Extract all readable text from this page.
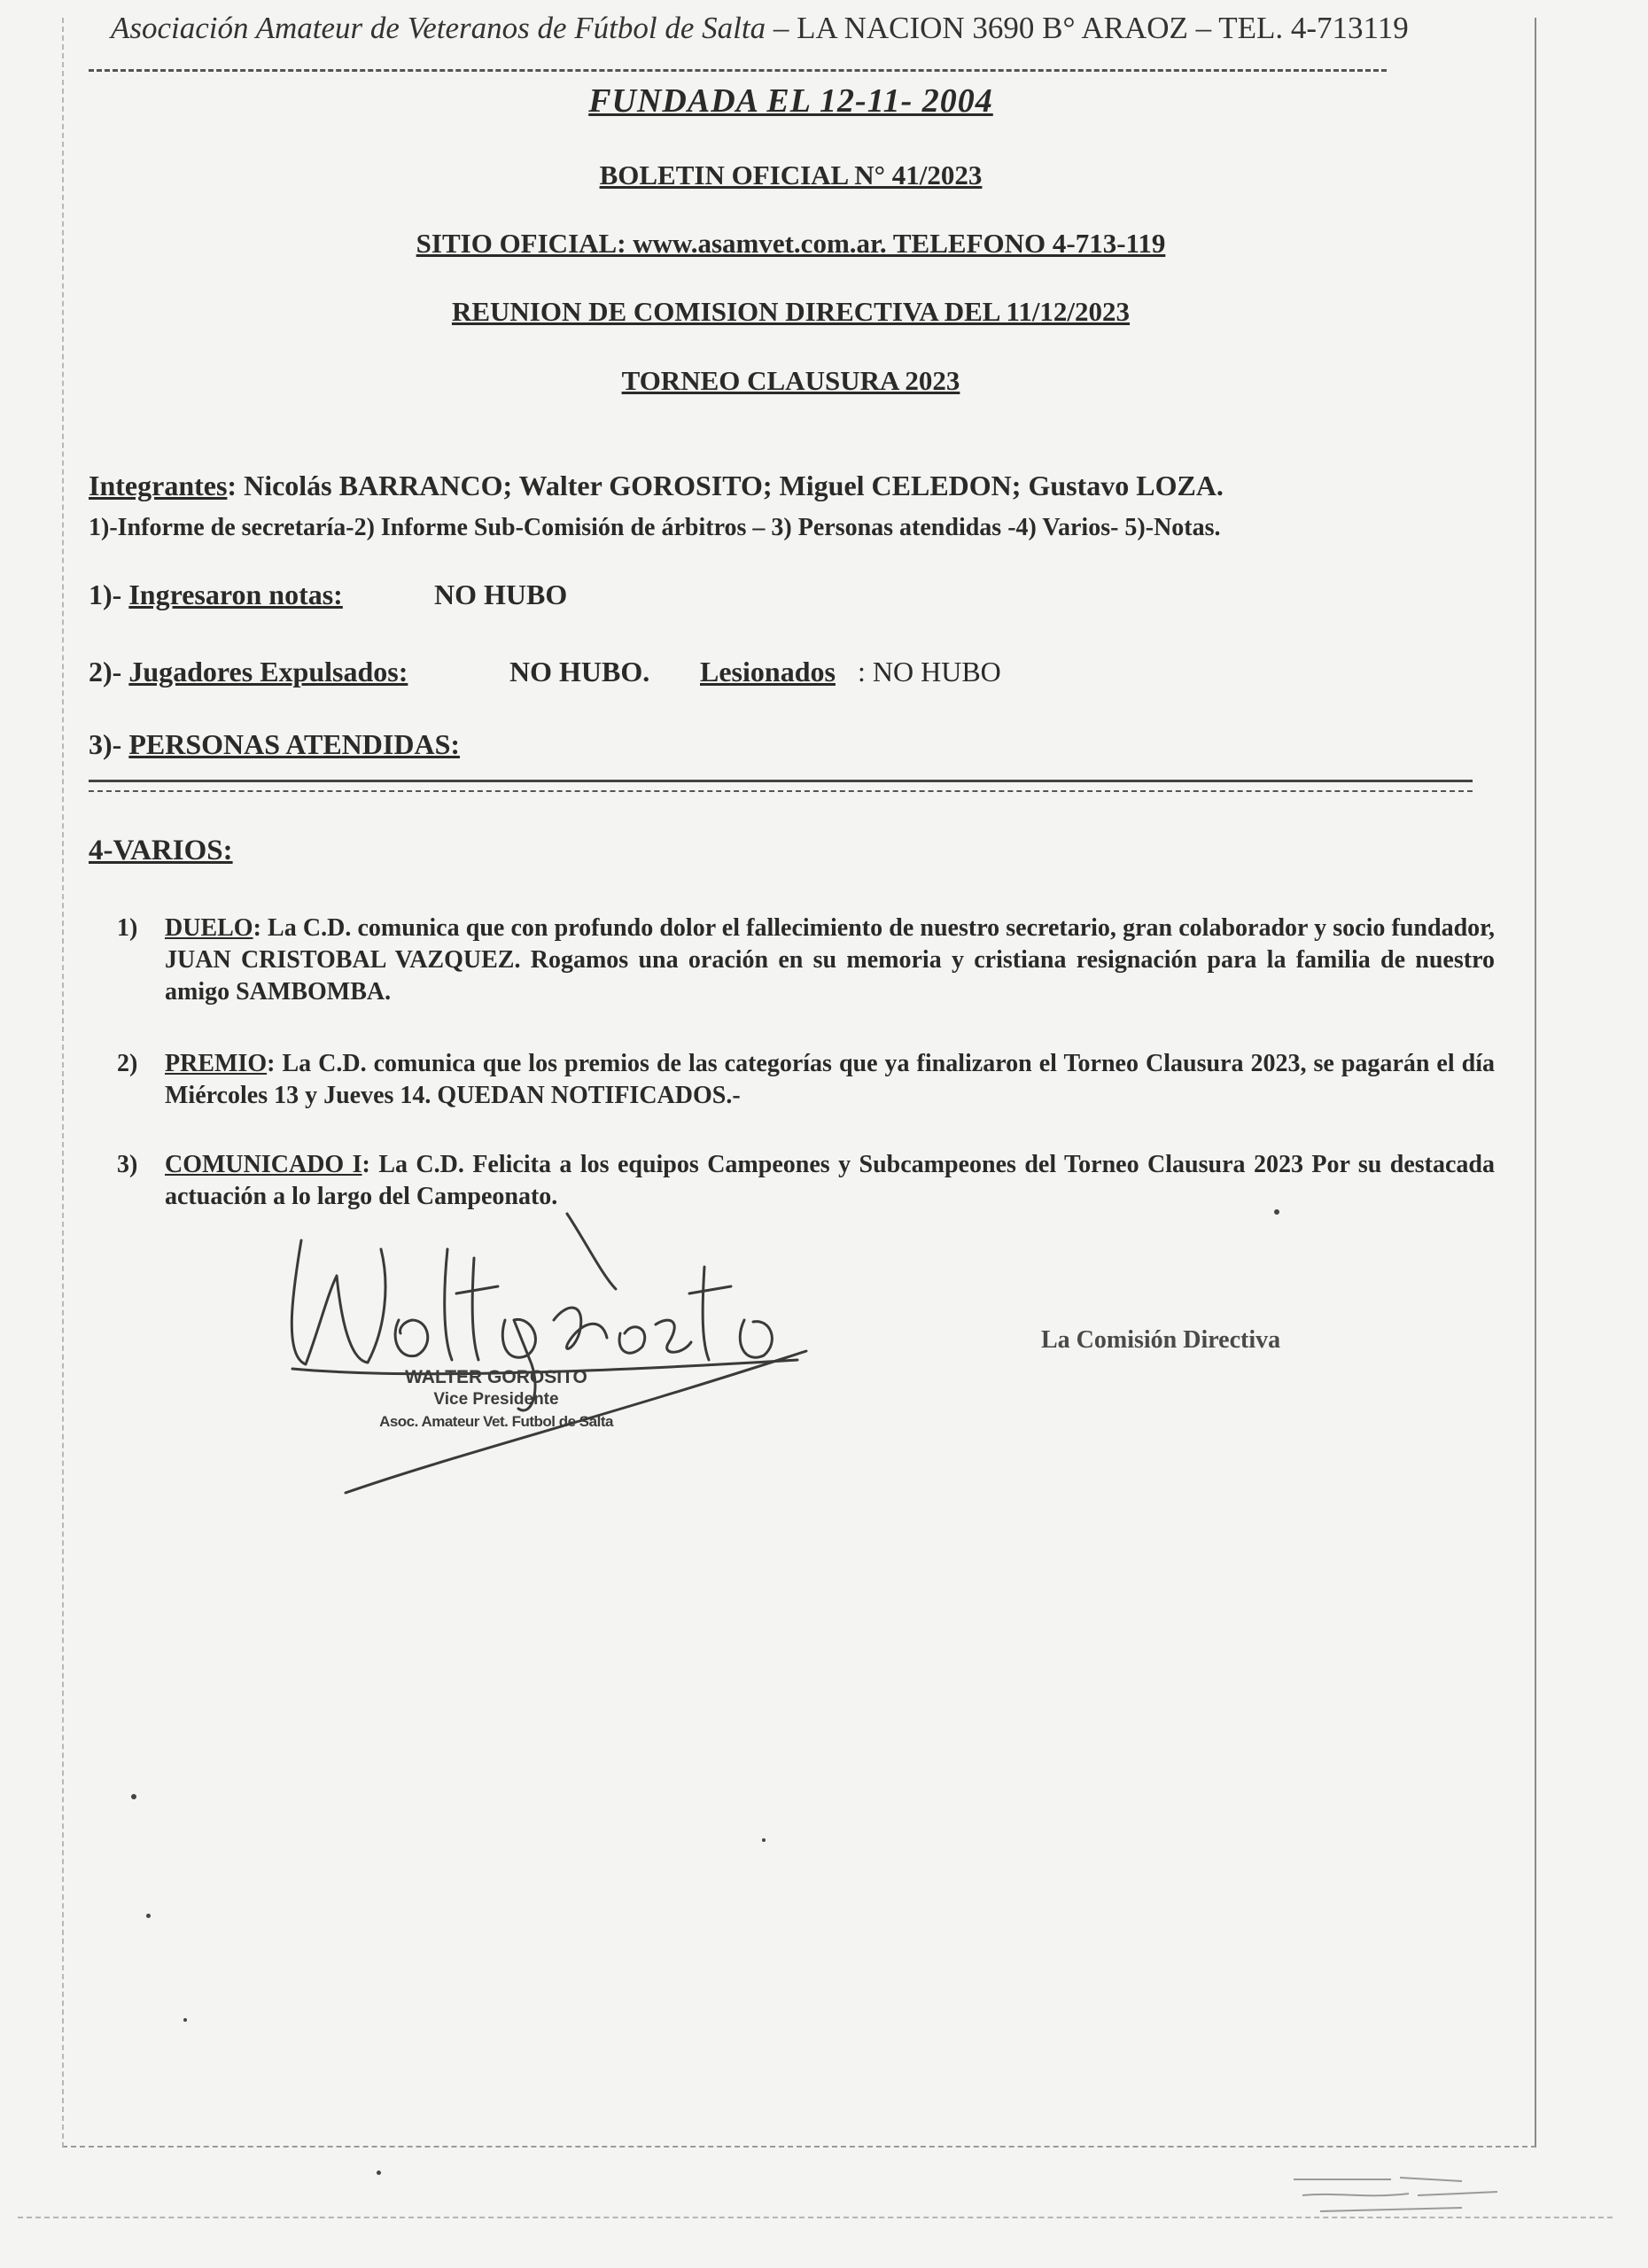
Asociación Amateur de Veteranos de Fútbol de Salta – LA NACION 3690 B° ARAOZ – TEL. 4-713119
FUNDADA EL 12-11- 2004
BOLETIN OFICIAL N° 41/2023
SITIO OFICIAL: www.asamvet.com.ar. TELEFONO 4-713-119
REUNION DE COMISION DIRECTIVA DEL 11/12/2023
TORNEO CLAUSURA 2023
Integrantes: Nicolás BARRANCO; Walter GOROSITO; Miguel CELEDON; Gustavo LOZA.
1)-Informe de secretaría-2) Informe Sub-Comisión de árbitros – 3) Personas atendidas -4) Varios- 5)-Notas.
1)- Ingresaron notas:	NO HUBO
2)- Jugadores Expulsados:	NO HUBO. Lesionados : NO HUBO
3)- PERSONAS ATENDIDAS:
4-VARIOS:
1) DUELO: La C.D. comunica que con profundo dolor el fallecimiento de nuestro secretario, gran colaborador y socio fundador, JUAN CRISTOBAL VAZQUEZ. Rogamos una oración en su memoria y cristiana resignación para la familia de nuestro amigo SAMBOMBA.
2) PREMIO: La C.D. comunica que los premios de las categorías que ya finalizaron el Torneo Clausura 2023, se pagarán el día Miércoles 13 y Jueves 14. QUEDAN NOTIFICADOS.-
3) COMUNICADO I: La C.D. Felicita a los equipos Campeones y Subcampeones del Torneo Clausura 2023 Por su destacada actuación a lo largo del Campeonato.
WALTER GOROSITO
Vice Presidente
Asoc. Amateur Vet. Futbol de Salta
La Comisión Directiva
